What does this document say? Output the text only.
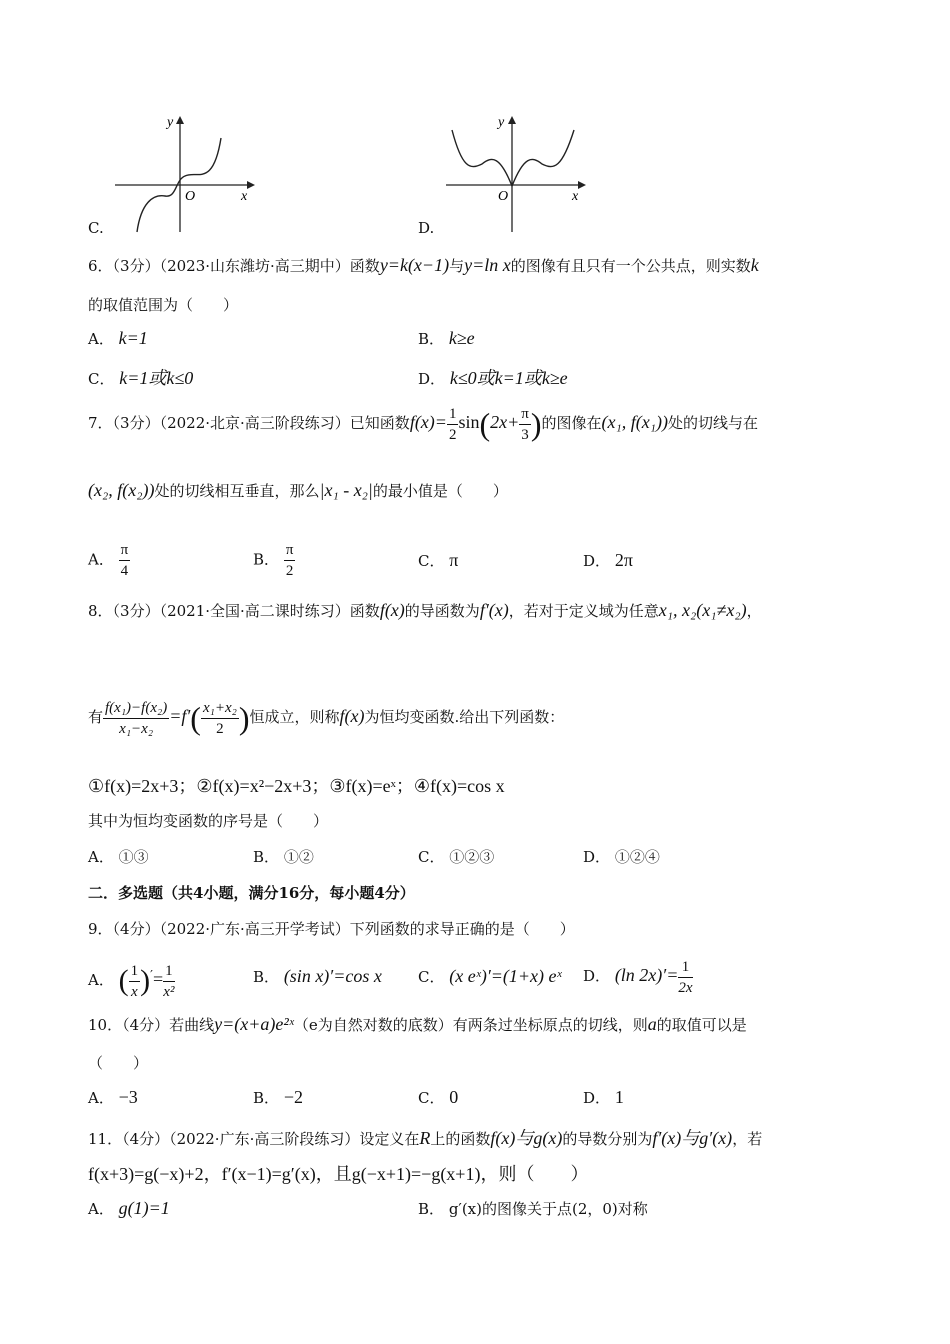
y
x
O
C.
y
x
O
D.
6．（3分）（2023·山东潍坊·高三期中）函数y=k(x−1)与y=ln x的图像有且只有一个公共点，则实数k
的取值范围为（　　）
A． k=1	B． k≥e
C． k=1或k≤0	D． k≤0或k=1或k≥e
7．（3分）（2022·北京·高三阶段练习）已知函数$f(x)= \frac{1}{2} \sin(2x+ \frac{\pi}{3}$ )的图像在(x₁, f(x₁))处的切线与在
(x₂, f(x₂))处的切线相互垂直，那么|x₁ - x₂|的最小值是（　　）
A． $\frac{\pi}{4}$	B． $\frac{\pi}{2}$	C． π	D． 2π
8．（3分）（2021·全国·高二课时练习）函数f(x)的导函数为f′(x)，若对于定义域为任意x₁, x₂(x₁≠x₂)，
有 $\frac{\text{f(x₁)−f(x₂)}}{\text{x₁−x₂}} =f'( \frac{\text{x₁+x₂}}{2}$ )恒成立，则称f(x)为恒均变函数.给出下列函数：
①f(x)=2x+3；②f(x)=x²−2x+3；③f(x)=eˣ；④f(x)=cos x
其中为恒均变函数的序号是（　　）
A． ①③	B． ①②	C． ①②③	D． ①②④
二．多选题（共4小题，满分16分，每小题4分）
9．（4分）（2022·广东·高三开学考试）下列函数的求导正确的是（　　）
A． ( $\frac{1}{x} )'= \frac{1}{\text{x²}}$	B． (sin x)′=cos x C． (x eˣ)′=(1+x) eˣ D． (ln $2x)'= \frac{1}{2x}$
10．（4分）若曲线y=(x+a)e²ˣ（e为自然对数的底数）有两条过坐标原点的切线，则a的取值可以是
（　　）
A． −3	B． −2	C． 0	D． 1
11．（4分）（2022·广东·高三阶段练习）设定义在R上的函数f(x)与g(x)的导数分别为f′(x)与g′(x)，若
f(x+3)=g(−x)+2，f′(x−1)=g′(x)，且g(−x+1)=−g(x+1)，则（　　）
A． g(1)=1	B． g′(x)的图像关于点(2，0)对称
